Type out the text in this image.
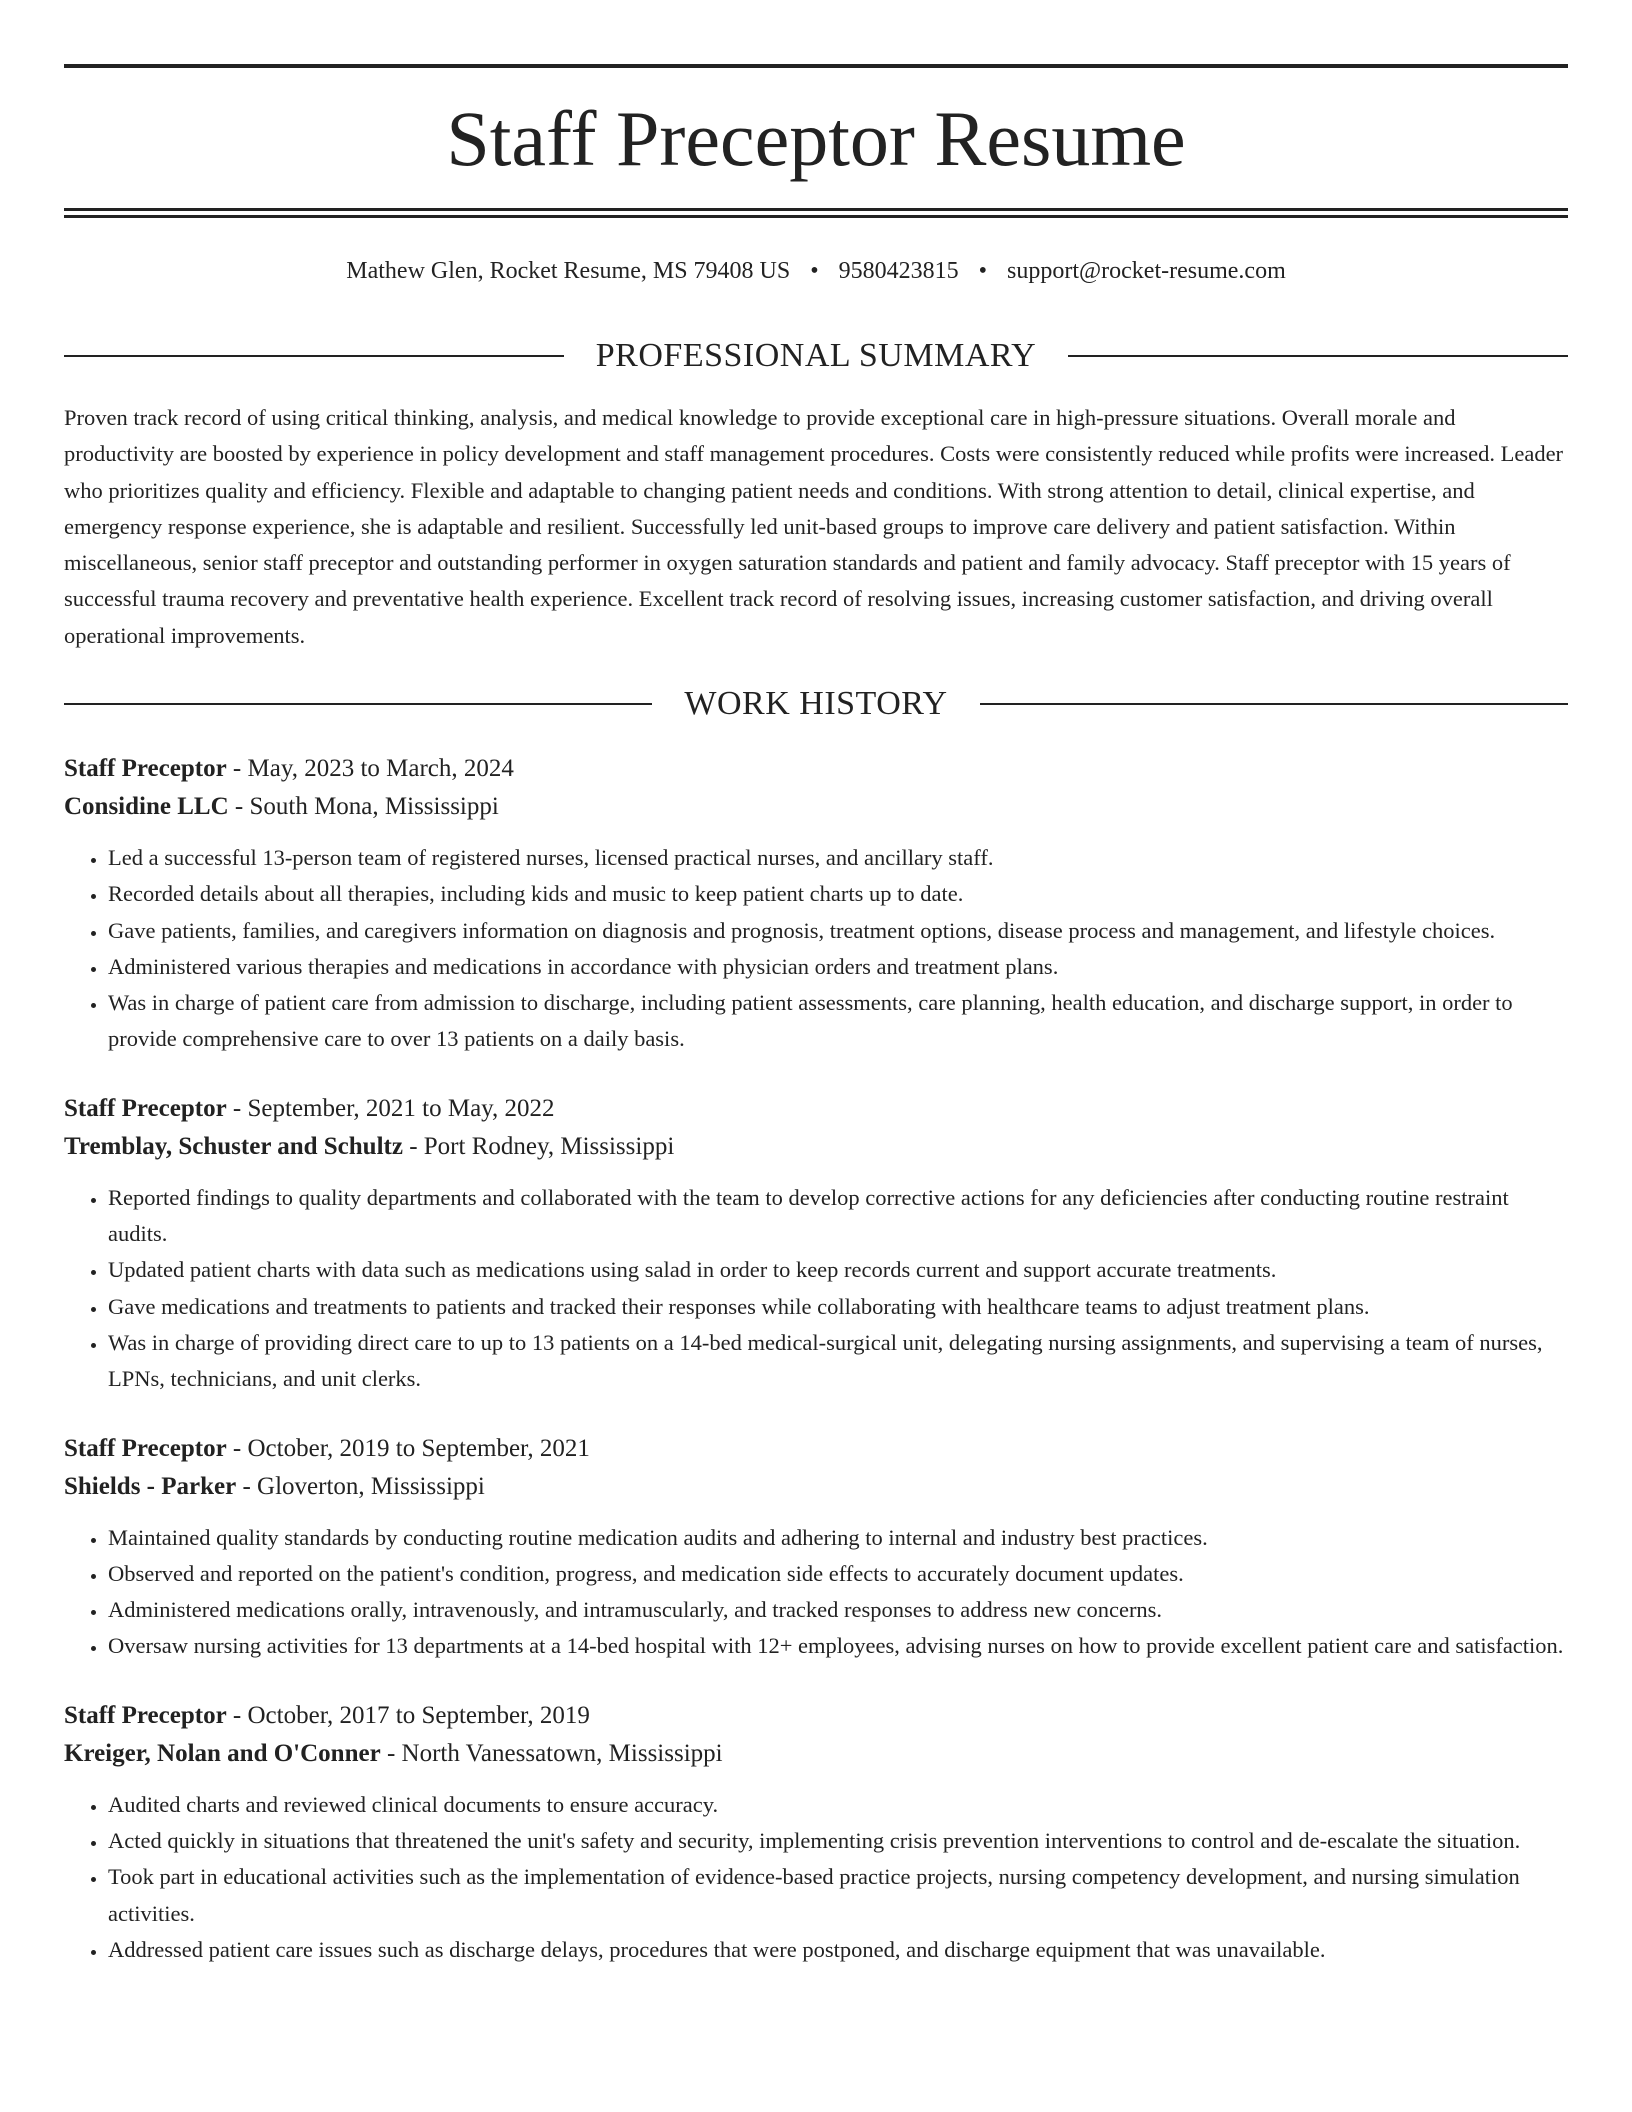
Staff Preceptor Resume
Mathew Glen, Rocket Resume, MS 79408 US • 9580423815 • support@rocket-resume.com
PROFESSIONAL SUMMARY

Proven track record of using critical thinking, analysis, and medical knowledge to provide exceptional care in high-pressure situations. Overall morale and productivity are boosted by experience in policy development and staff management procedures. Costs were consistently reduced while profits were increased. Leader who prioritizes quality and efficiency. Flexible and adaptable to changing patient needs and conditions. With strong attention to detail, clinical expertise, and emergency response experience, she is adaptable and resilient. Successfully led unit-based groups to improve care delivery and patient satisfaction. Within miscellaneous, senior staff preceptor and outstanding performer in oxygen saturation standards and patient and family advocacy. Staff preceptor with 15 years of successful trauma recovery and preventative health experience. Excellent track record of resolving issues, increasing customer satisfaction, and driving overall operational improvements.

WORK HISTORY

Staff Preceptor - May, 2023 to March, 2024

Considine LLC - South Mona, Mississippi

• Led a successful 13-person team of registered nurses, licensed practical nurses, and ancillary staff.
• Recorded details about all therapies, including kids and music to keep patient charts up to date.
• Gave patients, families, and caregivers information on diagnosis and prognosis, treatment options, disease process and management, and lifestyle choices.
• Administered various therapies and medications in accordance with physician orders and treatment plans.
• Was in charge of patient care from admission to discharge, including patient assessments, care planning, health education, and discharge support, in order to provide comprehensive care to over 13 patients on a daily basis.

Staff Preceptor - September, 2021 to May, 2022

Tremblay, Schuster and Schultz - Port Rodney, Mississippi

• Reported findings to quality departments and collaborated with the team to develop corrective actions for any deficiencies after conducting routine restraint audits.
• Updated patient charts with data such as medications using salad in order to keep records current and support accurate treatments.
• Gave medications and treatments to patients and tracked their responses while collaborating with healthcare teams to adjust treatment plans.
• Was in charge of providing direct care to up to 13 patients on a 14-bed medical-surgical unit, delegating nursing assignments, and supervising a team of nurses, LPNs, technicians, and unit clerks.

Staff Preceptor - October, 2019 to September, 2021

Shields - Parker - Gloverton, Mississippi

• Maintained quality standards by conducting routine medication audits and adhering to internal and industry best practices.
• Observed and reported on the patient's condition, progress, and medication side effects to accurately document updates.
• Administered medications orally, intravenously, and intramuscularly, and tracked responses to address new concerns.
• Oversaw nursing activities for 13 departments at a 14-bed hospital with 12+ employees, advising nurses on how to provide excellent patient care and satisfaction.

Staff Preceptor - October, 2017 to September, 2019

Kreiger, Nolan and O'Conner - North Vanessatown, Mississippi

• Audited charts and reviewed clinical documents to ensure accuracy.
• Acted quickly in situations that threatened the unit's safety and security, implementing crisis prevention interventions to control and de-escalate the situation.
• Took part in educational activities such as the implementation of evidence-based practice projects, nursing competency development, and nursing simulation activities.
• Addressed patient care issues such as discharge delays, procedures that were postponed, and discharge equipment that was unavailable.
